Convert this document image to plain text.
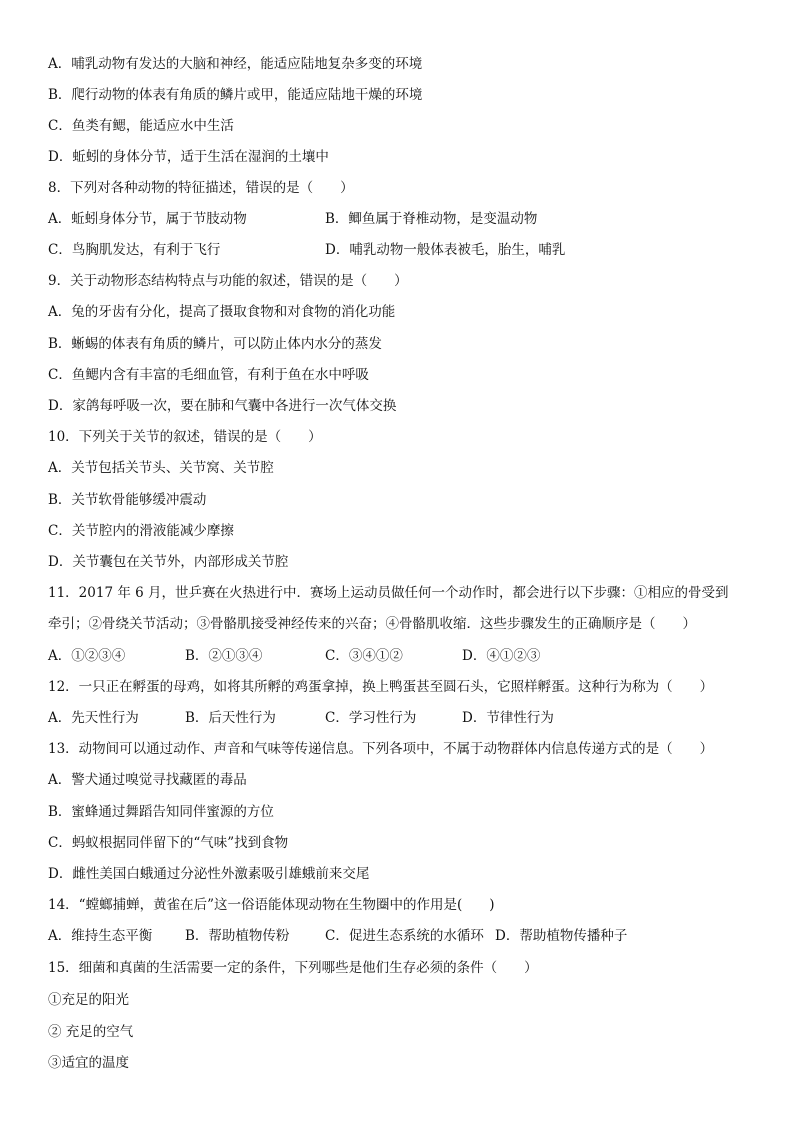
A．哺乳动物有发达的大脑和神经，能适应陆地复杂多变的环境
B．爬行动物的体表有角质的鳞片或甲，能适应陆地干燥的环境
C．鱼类有鳃，能适应水中生活
D．蚯蚓的身体分节，适于生活在湿润的土壤中
8．下列对各种动物的特征描述，错误的是（　　）
A．蚯蚓身体分节，属于节肢动物	B．鲫鱼属于脊椎动物，是变温动物
C．鸟胸肌发达，有利于飞行	D．哺乳动物一般体表被毛，胎生，哺乳
9．关于动物形态结构特点与功能的叙述，错误的是（　　）
A．兔的牙齿有分化，提高了摄取食物和对食物的消化功能
B．蜥蜴的体表有角质的鳞片，可以防止体内水分的蒸发
C．鱼鳃内含有丰富的毛细血管，有利于鱼在水中呼吸
D．家鸽每呼吸一次，要在肺和气囊中各进行一次气体交换
10．下列关于关节的叙述，错误的是（　　）
A．关节包括关节头、关节窝、关节腔
B．关节软骨能够缓冲震动
C．关节腔内的滑液能减少摩擦
D．关节囊包在关节外，内部形成关节腔
11．2017 年 6 月，世乒赛在火热进行中．赛场上运动员做任何一个动作时，都会进行以下步骤：①相应的骨受到
牵引；②骨绕关节活动；③骨骼肌接受神经传来的兴奋；④骨骼肌收缩．这些步骤发生的正确顺序是（　　）
A．①②③④	B．②①③④	C．③④①②	D．④①②③
12．一只正在孵蛋的母鸡，如将其所孵的鸡蛋拿掉，换上鸭蛋甚至圆石头，它照样孵蛋。这种行为称为（　　）
A．先天性行为	B．后天性行为	C．学习性行为	D．节律性行为
13．动物间可以通过动作、声音和气味等传递信息。下列各项中，不属于动物群体内信息传递方式的是（　　）
A．警犬通过嗅觉寻找藏匿的毒品
B．蜜蜂通过舞蹈告知同伴蜜源的方位
C．蚂蚁根据同伴留下的“气味”找到食物
D．雌性美国白蛾通过分泌性外激素吸引雄蛾前来交尾
14．“螳螂捕蝉，黄雀在后”这一俗语能体现动物在生物圈中的作用是(　　)
A．维持生态平衡 B．帮助植物传粉	C．促进生态系统的水循环 D．帮助植物传播种子
15．细菌和真菌的生活需要一定的条件，下列哪些是他们生存必须的条件（　　）
①充足的阳光
② 充足的空气
③适宜的温度
